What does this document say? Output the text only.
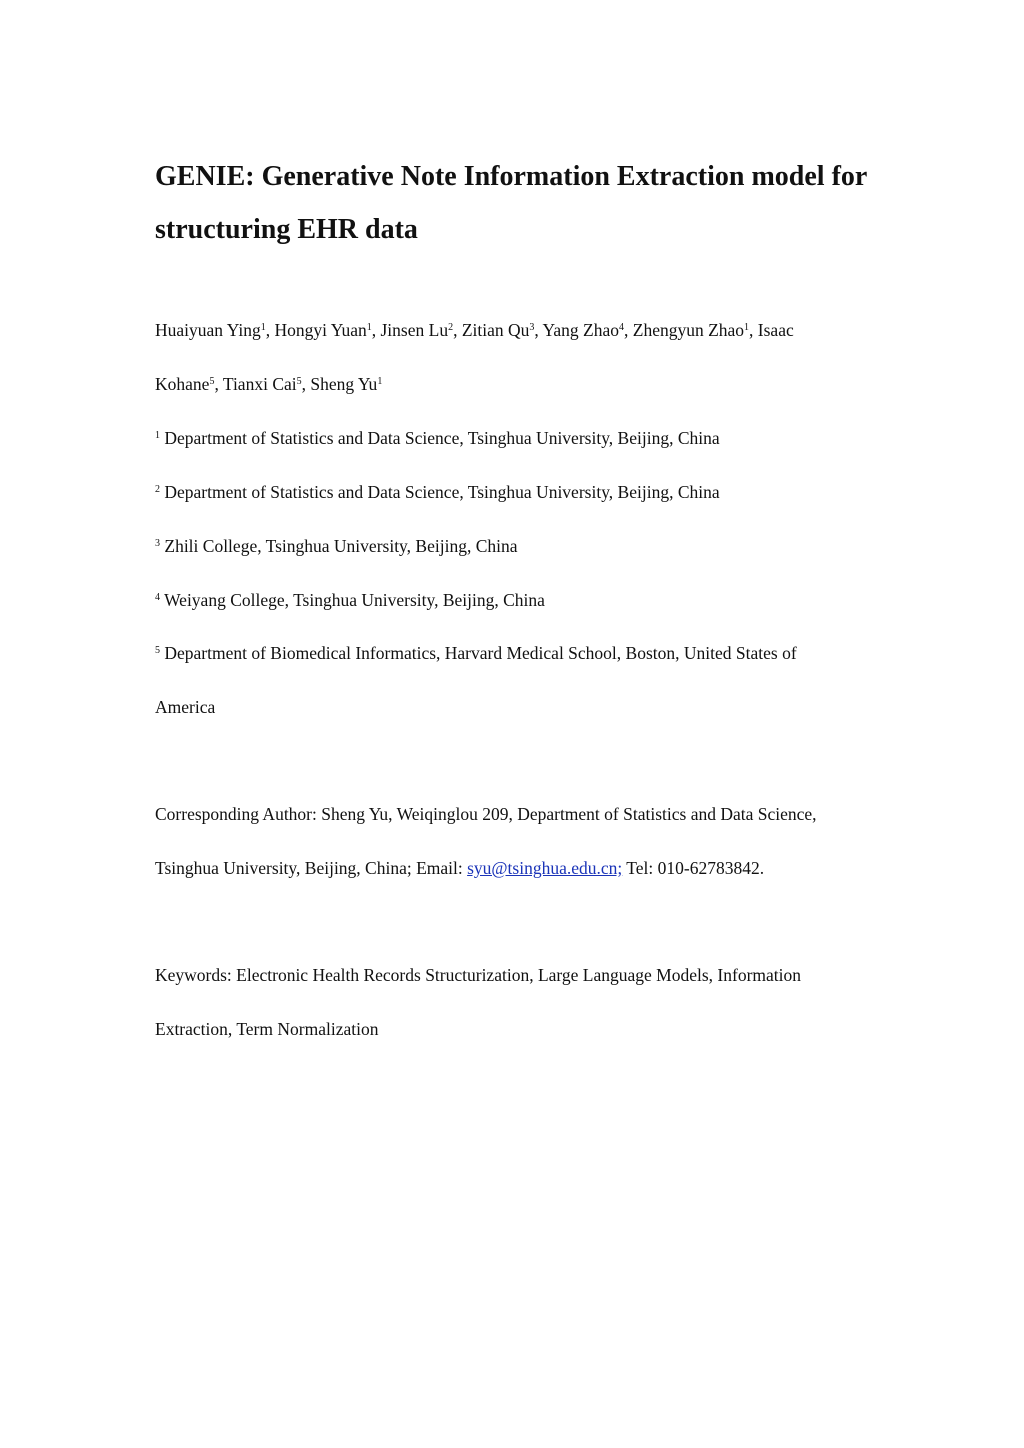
GENIE: Generative Note Information Extraction model for
structuring EHR data
Huaiyuan Ying$^1$, Hongyi Yuan$^1$, Jinsen Lu$^2$, Zitian Qu$^3$, Yang Zhao$^4$, Zhengyun Zhao$^1$, Isaac
Kohane$^5$, Tianxi Cai$^5$, Sheng Yu$^1$
$^1$ Department of Statistics and Data Science, Tsinghua University, Beijing, China
$^2$ Department of Statistics and Data Science, Tsinghua University, Beijing, China
$^3$ Zhili College, Tsinghua University, Beijing, China
$^4$ Weiyang College, Tsinghua University, Beijing, China
$^5$ Department of Biomedical Informatics, Harvard Medical School, Boston, United States of
America
Corresponding Author: Sheng Yu, Weiqinglou 209, Department of Statistics and Data Science,
Tsinghua University, Beijing, China; Email: syu@tsinghua.edu.cn; Tel: 010-62783842.
Keywords: Electronic Health Records Structurization, Large Language Models, Information
Extraction, Term Normalization
